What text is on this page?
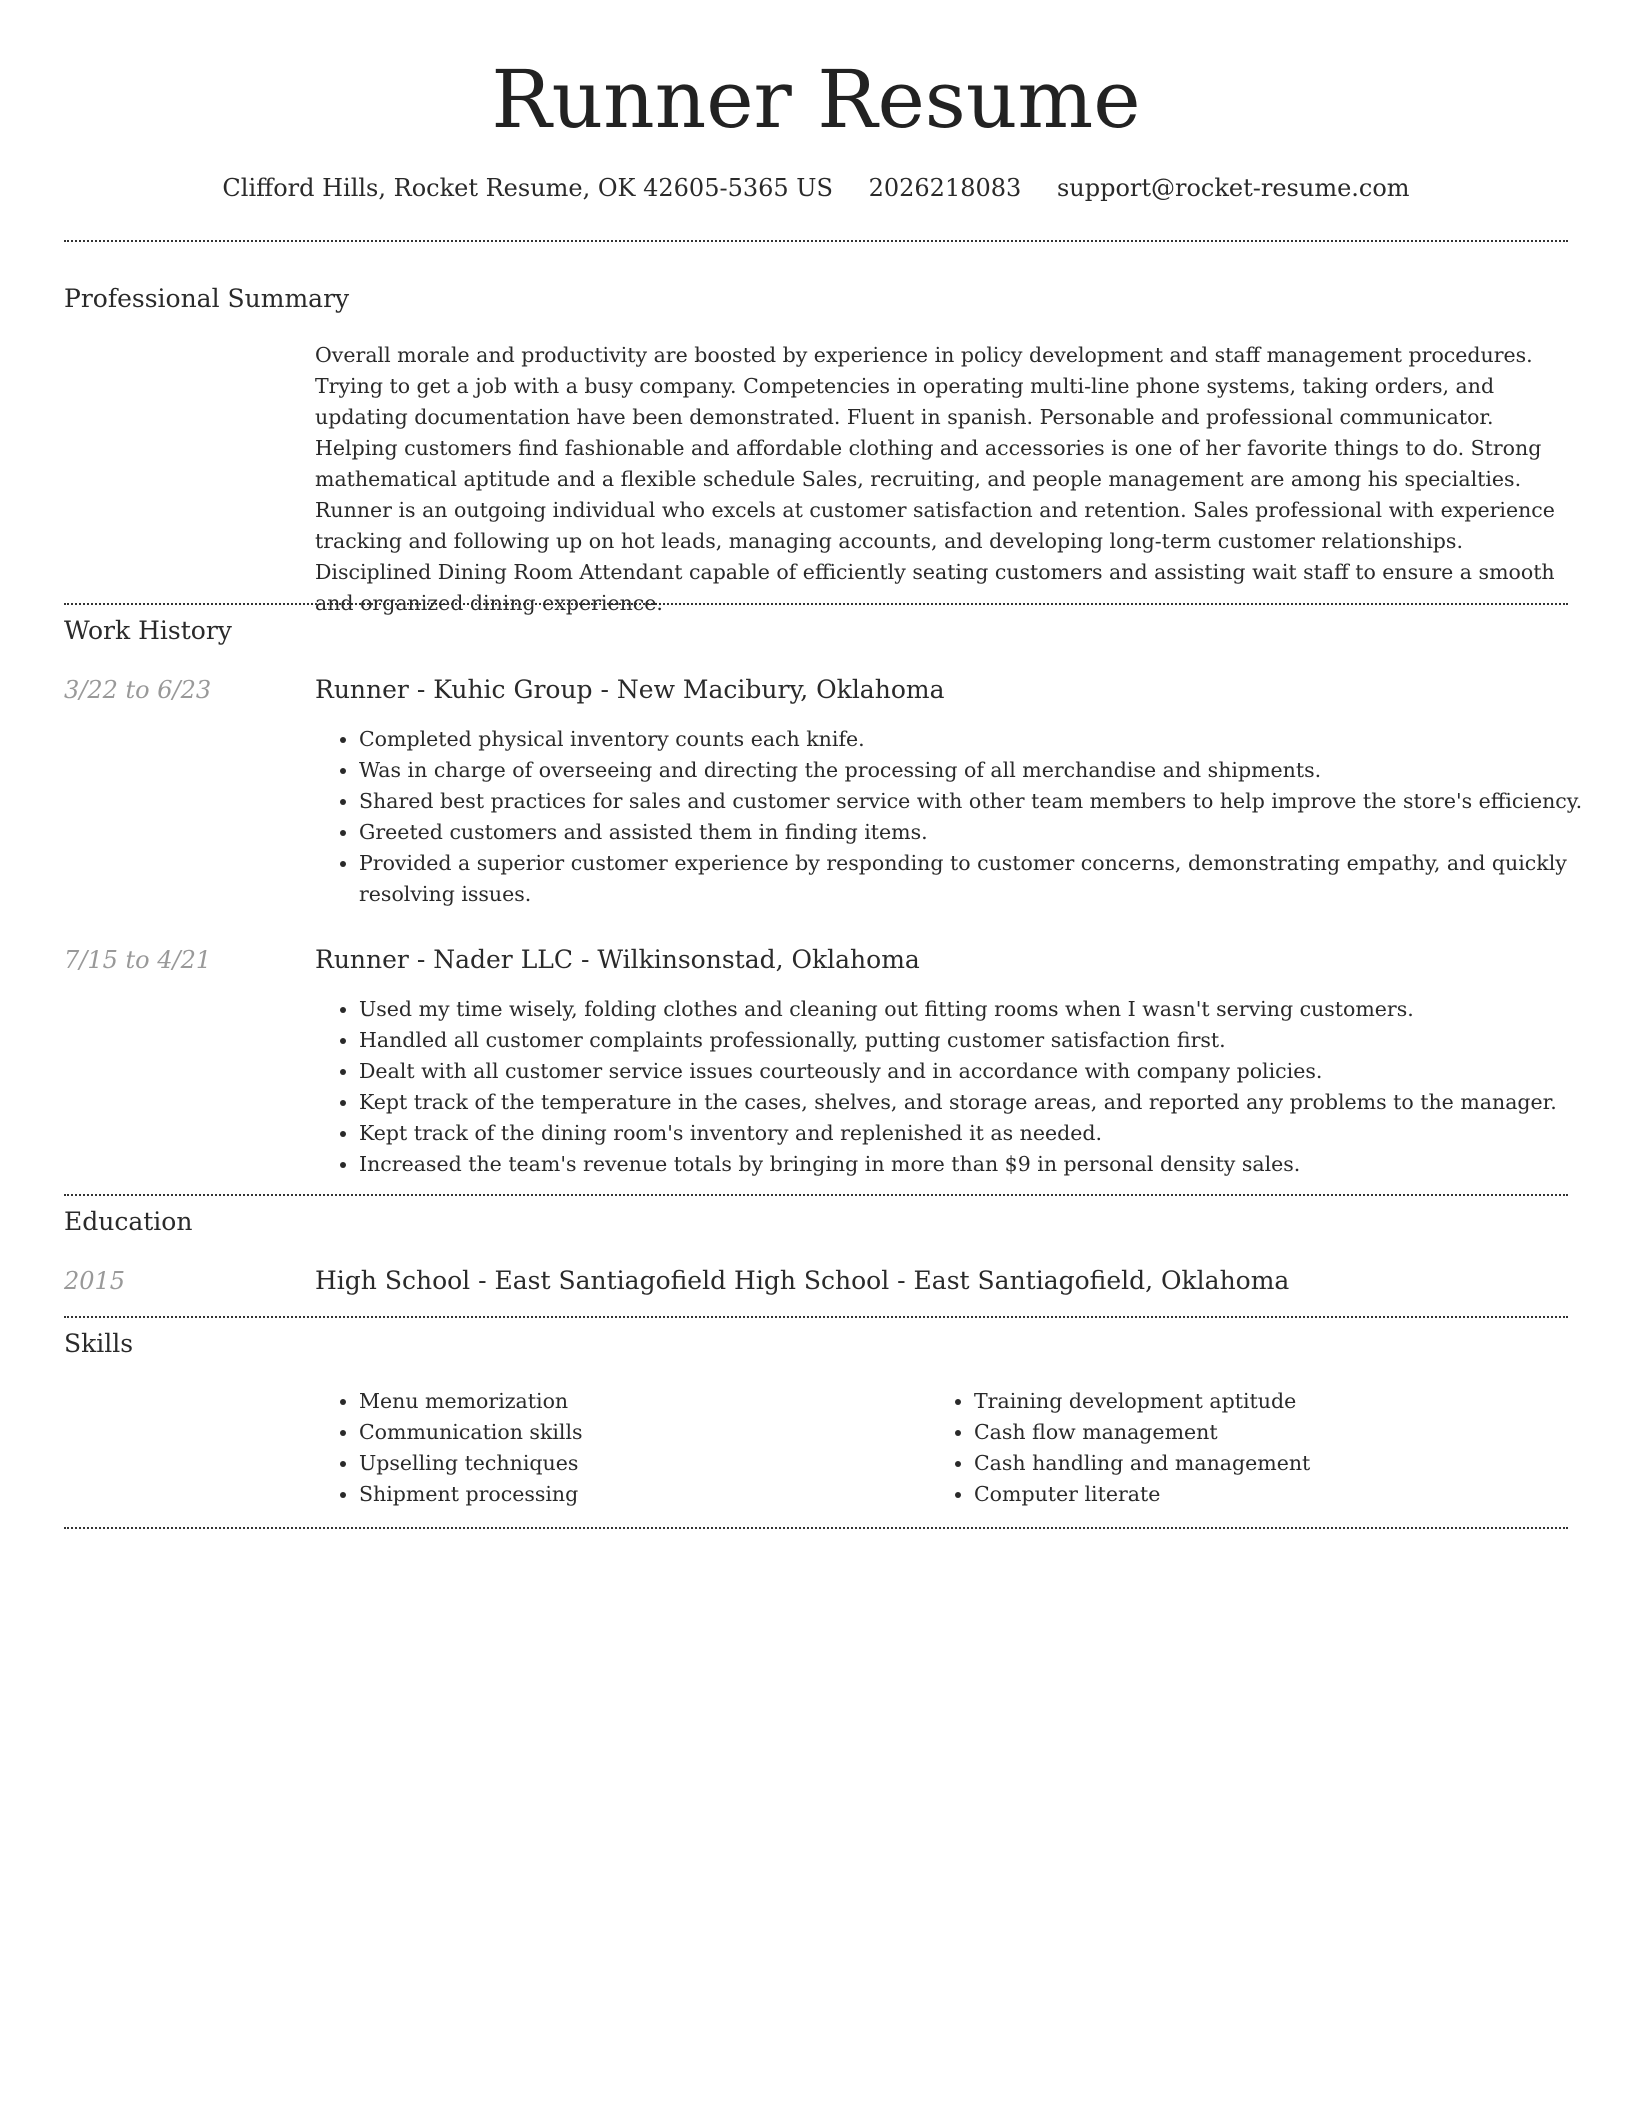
Runner Resume
Clifford Hills, Rocket Resume, OK 42605-5365 US 2026218083 support@rocket-resume.com
Professional Summary

Overall morale and productivity are boosted by experience in policy development and staff management procedures. Trying to get a job with a busy company. Competencies in operating multi-line phone systems, taking orders, and updating documentation have been demonstrated. Fluent in spanish. Personable and professional communicator. Helping customers find fashionable and affordable clothing and accessories is one of her favorite things to do. Strong mathematical aptitude and a flexible schedule Sales, recruiting, and people management are among his specialties. Runner is an outgoing individual who excels at customer satisfaction and retention. Sales professional with experience tracking and following up on hot leads, managing accounts, and developing long-term customer relationships. Disciplined Dining Room Attendant capable of efficiently seating customers and assisting wait staff to ensure a smooth and organized dining experience.

Work History
3/22 to 6/23	Runner - Kuhic Group - New Macibury, Oklahoma
• Completed physical inventory counts each knife.
• Was in charge of overseeing and directing the processing of all merchandise and shipments.
• Shared best practices for sales and customer service with other team members to help improve the store's efficiency.
• Greeted customers and assisted them in finding items.
• Provided a superior customer experience by responding to customer concerns, demonstrating empathy, and quickly resolving issues.
7/15 to 4/21	Runner - Nader LLC - Wilkinsonstad, Oklahoma
• Used my time wisely, folding clothes and cleaning out fitting rooms when I wasn't serving customers.
• Handled all customer complaints professionally, putting customer satisfaction first.
• Dealt with all customer service issues courteously and in accordance with company policies.
• Kept track of the temperature in the cases, shelves, and storage areas, and reported any problems to the manager.
• Kept track of the dining room's inventory and replenished it as needed.
• Increased the team's revenue totals by bringing in more than $9 in personal density sales.
Education
2015	High School - East Santiagofield High School - East Santiagofield, Oklahoma
Skills
• Menu memorization
• Communication skills
• Upselling techniques
• Shipment processing
• Training development aptitude
• Cash flow management
• Cash handling and management
• Computer literate
